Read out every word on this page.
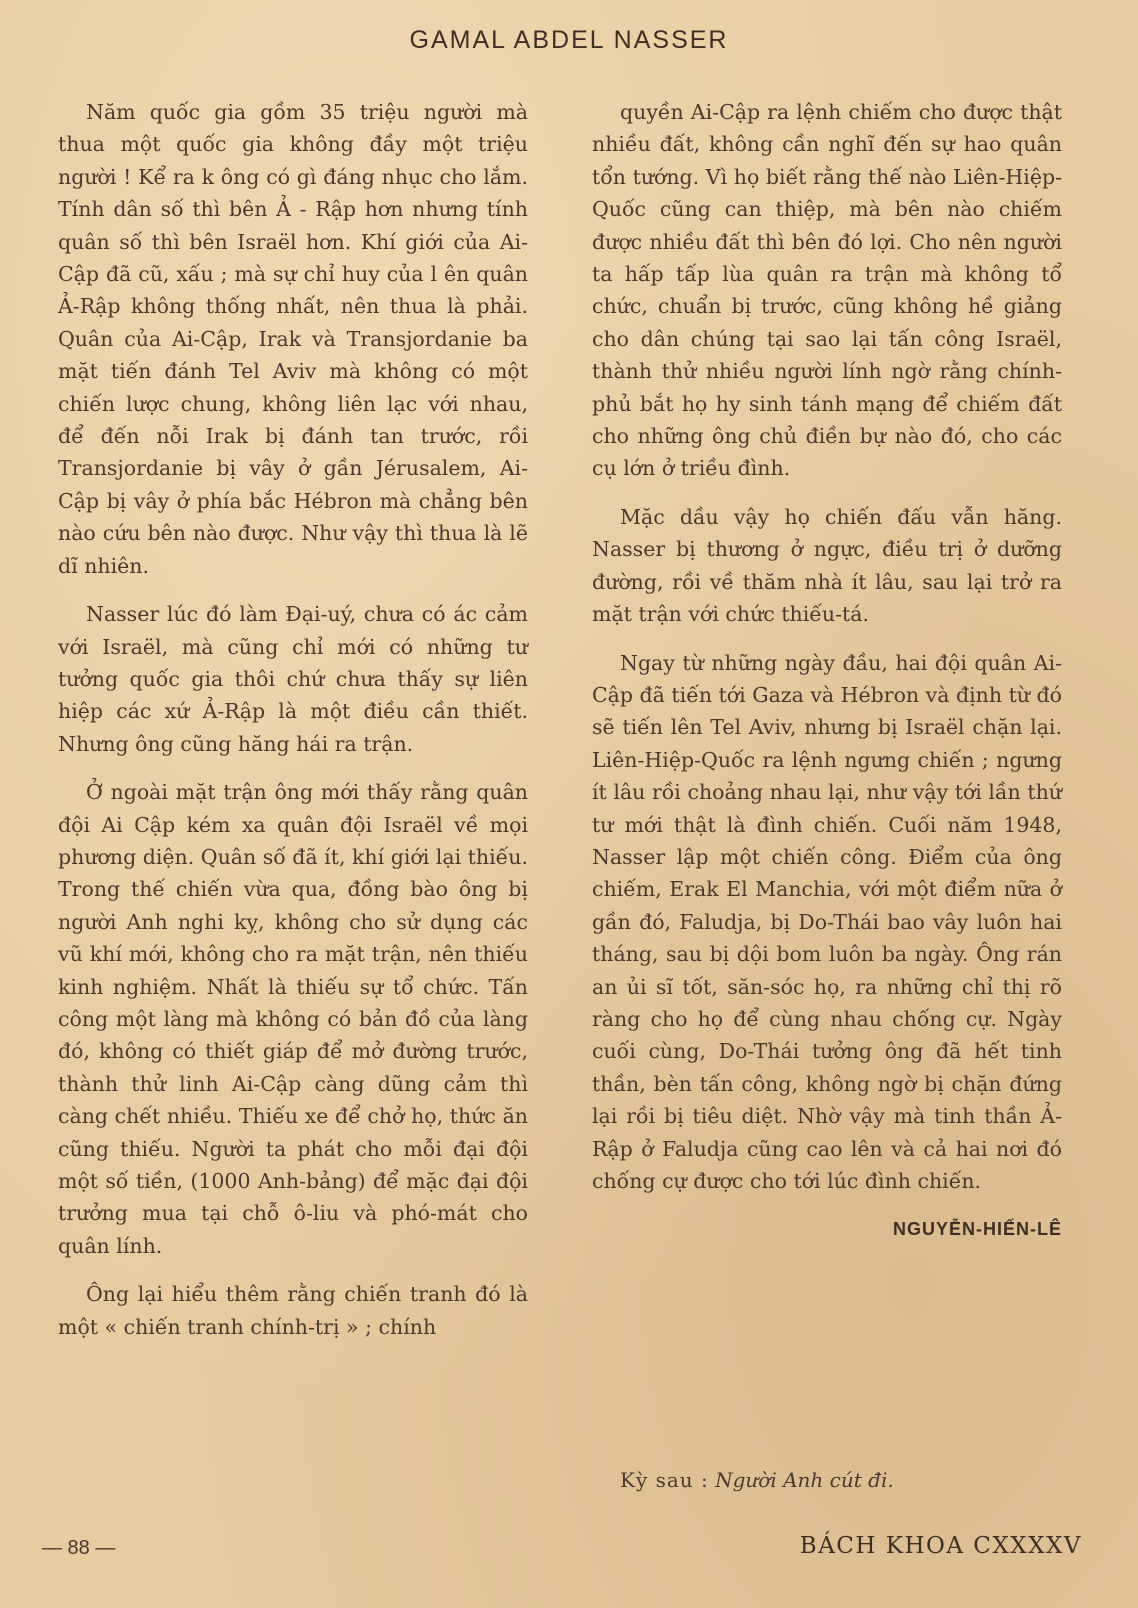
GAMAL ABDEL NASSER

Năm quốc gia gồm 35 triệu người mà thua một quốc gia không đầy một triệu người ! Kể ra k ông có gì đáng nhục cho lắm. Tính dân số thì bên Ả - Rập hơn nhưng tính quân số thì bên Israël hơn. Khí giới của Ai-Cập đã cũ, xấu ; mà sự chỉ huy của l ên quân Ả-Rập không thống nhất, nên thua là phải. Quân của Ai-Cập, Irak và Transjordanie ba mặt tiến đánh Tel Aviv mà không có một chiến lược chung, không liên lạc với nhau, để đến nỗi Irak bị đánh tan trước, rồi Transjordanie bị vây ở gần Jérusalem, Ai-Cập bị vây ở phía bắc Hébron mà chẳng bên nào cứu bên nào được. Như vậy thì thua là lẽ dĩ nhiên.

Nasser lúc đó làm Đại-uý, chưa có ác cảm với Israël, mà cũng chỉ mới có những tư tưởng quốc gia thôi chứ chưa thấy sự liên hiệp các xứ Ả-Rập là một điều cần thiết. Nhưng ông cũng hăng hái ra trận.

Ở ngoài mặt trận ông mới thấy rằng quân đội Ai Cập kém xa quân đội Israël về mọi phương diện. Quân số đã ít, khí giới lại thiếu. Trong thế chiến vừa qua, đồng bào ông bị người Anh nghi kỵ, không cho sử dụng các vũ khí mới, không cho ra mặt trận, nên thiếu kinh nghiệm. Nhất là thiếu sự tổ chức. Tấn công một làng mà không có bản đồ của làng đó, không có thiết giáp để mở đường trước, thành thử linh Ai-Cập càng dũng cảm thì càng chết nhiều. Thiếu xe để chở họ, thức ăn cũng thiếu. Người ta phát cho mỗi đại đội một số tiền, (1000 Anh-bảng) để mặc đại đội trưởng mua tại chỗ ô-liu và phó-mát cho quân lính.

Ông lại hiểu thêm rằng chiến tranh đó là một « chiến tranh chính-trị » ; chính

quyền Ai-Cập ra lệnh chiếm cho được thật nhiều đất, không cần nghĩ đến sự hao quân tổn tướng. Vì họ biết rằng thế nào Liên-Hiệp-Quốc cũng can thiệp, mà bên nào chiếm được nhiều đất thì bên đó lợi. Cho nên người ta hấp tấp lùa quân ra trận mà không tổ chức, chuẩn bị trước, cũng không hề giảng cho dân chúng tại sao lại tấn công Israël, thành thử nhiều người lính ngờ rằng chính-phủ bắt họ hy sinh tánh mạng để chiếm đất cho những ông chủ điền bự nào đó, cho các cụ lớn ở triều đình.

Mặc dầu vậy họ chiến đấu vẫn hăng. Nasser bị thương ở ngực, điều trị ở dưỡng đường, rồi về thăm nhà ít lâu, sau lại trở ra mặt trận với chức thiếu-tá.

Ngay từ những ngày đầu, hai đội quân Ai-Cập đã tiến tới Gaza và Hébron và định từ đó sẽ tiến lên Tel Aviv, nhưng bị Israël chặn lại. Liên-Hiệp-Quốc ra lệnh ngưng chiến ; ngưng ít lâu rồi choảng nhau lại, như vậy tới lần thứ tư mới thật là đình chiến. Cuối năm 1948, Nasser lập một chiến công. Điểm của ông chiếm, Erak El Manchia, với một điểm nữa ở gần đó, Faludja, bị Do-Thái bao vây luôn hai tháng, sau bị dội bom luôn ba ngày. Ông rán an ủi sĩ tốt, săn-sóc họ, ra những chỉ thị rõ ràng cho họ để cùng nhau chống cự. Ngày cuối cùng, Do-Thái tưởng ông đã hết tinh thần, bèn tấn công, không ngờ bị chặn đứng lại rồi bị tiêu diệt. Nhờ vậy mà tinh thần Ả-Rập ở Faludja cũng cao lên và cả hai nơi đó chống cự được cho tới lúc đình chiến.

NGUYỄN-HIẾN-LÊ
Kỳ sau : Người Anh cút đi.
— 88 —	BÁCH KHOA CXXXXV
